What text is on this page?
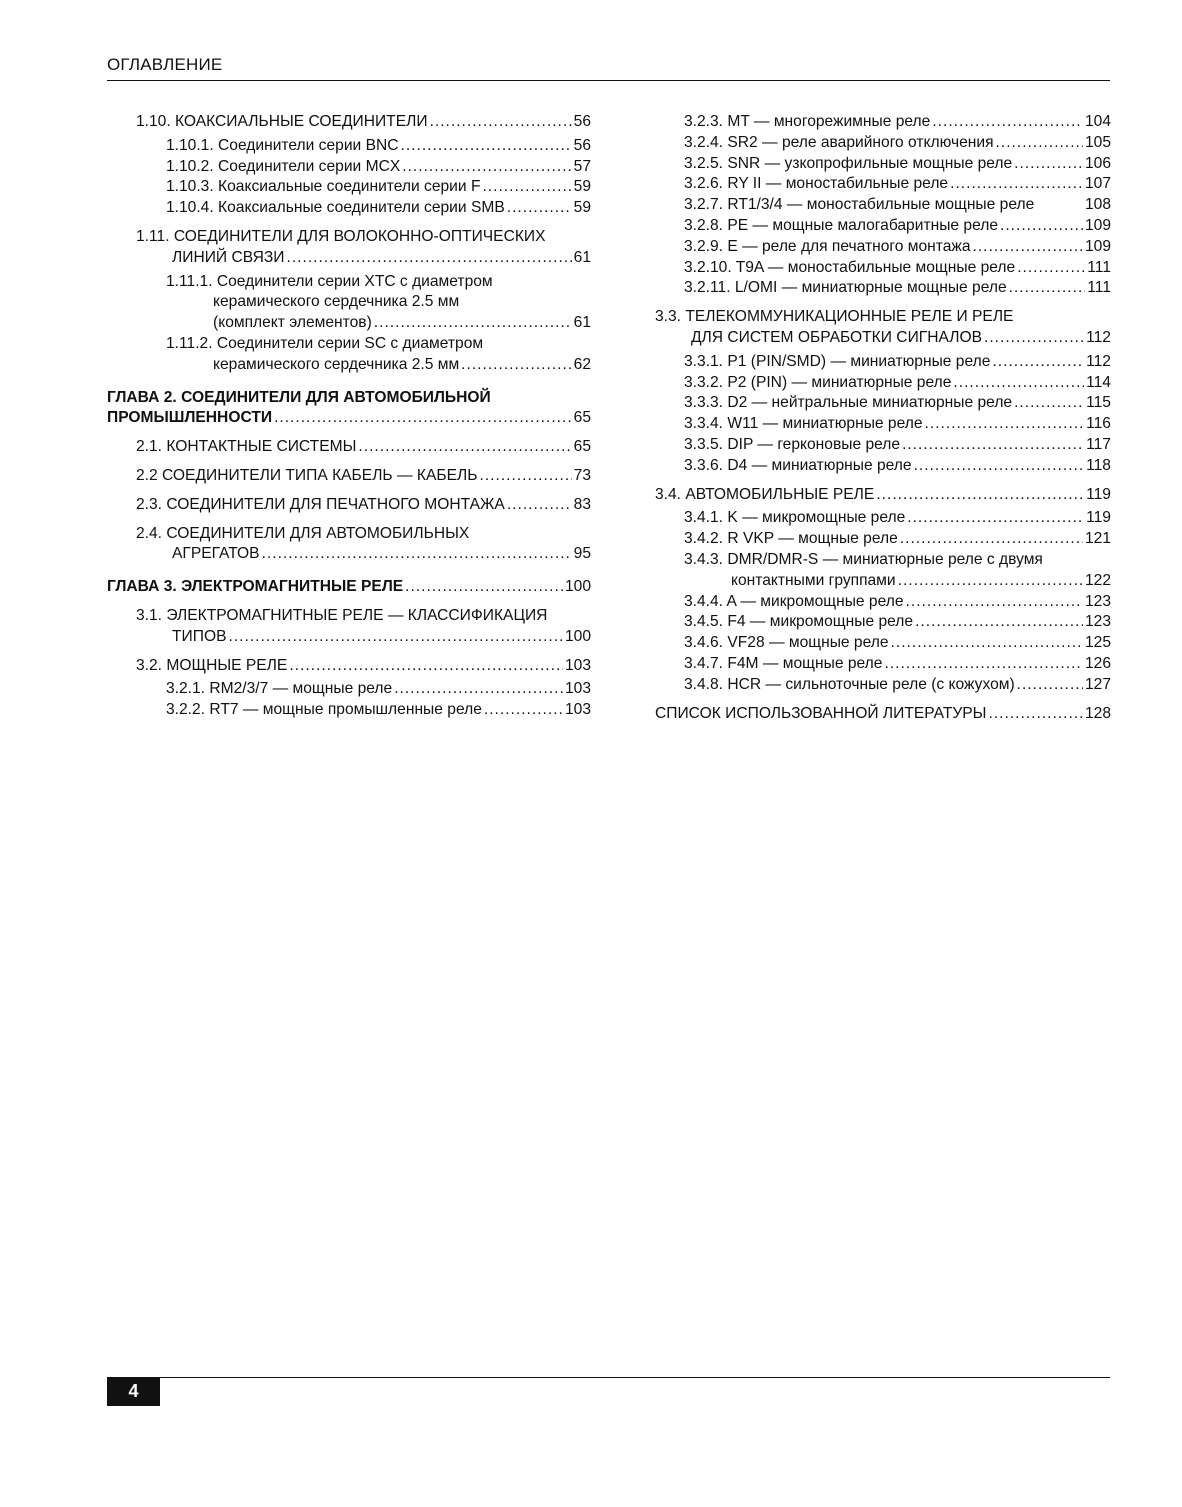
ОГЛАВЛЕНИЕ
1.10. КОАКСИАЛЬНЫЕ СОЕДИНИТЕЛИ .....	56
1.10.1. Соединители серии BNC .....	56
1.10.2. Соединители серии MCX .....	57
1.10.3. Коаксиальные соединители серии F .....	59
1.10.4. Коаксиальные соединители серии SMB .....	59
1.11. СОЕДИНИТЕЛИ ДЛЯ ВОЛОКОННО-ОПТИЧЕСКИХ
ЛИНИЙ СВЯЗИ .....	61
1.11.1. Соединители серии XTC с диаметром
керамического сердечника 2.5 мм
(комплект элементов) .....	61
1.11.2. Соединители серии SC с диаметром
керамического сердечника 2.5 мм .....	62
ГЛАВА 2. СОЕДИНИТЕЛИ ДЛЯ АВТОМОБИЛЬНОЙ
ПРОМЫШЛЕННОСТИ .....	65
2.1. КОНТАКТНЫЕ СИСТЕМЫ .....	65
2.2 СОЕДИНИТЕЛИ ТИПА КАБЕЛЬ — КАБЕЛЬ .....	73
2.3. СОЕДИНИТЕЛИ ДЛЯ ПЕЧАТНОГО МОНТАЖА .....	83
2.4. СОЕДИНИТЕЛИ ДЛЯ АВТОМОБИЛЬНЫХ
АГРЕГАТОВ .....	95
ГЛАВА 3. ЭЛЕКТРОМАГНИТНЫЕ РЕЛЕ .....	100
3.1. ЭЛЕКТРОМАГНИТНЫЕ РЕЛЕ — КЛАССИФИКАЦИЯ
ТИПОВ .....	100
3.2. МОЩНЫЕ РЕЛЕ .....	103
3.2.1. RM2/3/7 — мощные реле .....	103
3.2.2. RT7 — мощные промышленные реле .....	103
3.2.3. MT — многорежимные реле .....	104
3.2.4. SR2 — реле аварийного отключения .....	105
3.2.5. SNR — узкопрофильные мощные реле .....	106
3.2.6. RY II — моностабильные реле .....	107
3.2.7. RT1/3/4 — моностабильные мощные реле	108
3.2.8. PE — мощные малогабаритные реле .....	109
3.2.9. E — реле для печатного монтажа .....	109
3.2.10. T9A — моностабильные мощные реле .....	111
3.2.11. L/OMI — миниатюрные мощные реле .....	111
3.3. ТЕЛЕКОММУНИКАЦИОННЫЕ РЕЛЕ И РЕЛЕ
ДЛЯ СИСТЕМ ОБРАБОТКИ СИГНАЛОВ .....	112
3.3.1. P1 (PIN/SMD) — миниатюрные реле .....	112
3.3.2. P2 (PIN) — миниатюрные реле .....	114
3.3.3. D2 — нейтральные миниатюрные реле .....	115
3.3.4. W11 — миниатюрные реле .....	116
3.3.5. DIP — герконовые реле .....	117
3.3.6. D4 — миниатюрные реле .....	118
3.4. АВТОМОБИЛЬНЫЕ РЕЛЕ .....	119
3.4.1. K — микромощные реле .....	119
3.4.2. R VKP — мощные реле .....	121
3.4.3. DMR/DMR-S — миниатюрные реле с двумя
контактными группами .....	122
3.4.4. A — микромощные реле .....	123
3.4.5. F4 — микромощные реле .....	123
3.4.6. VF28 — мощные реле .....	125
3.4.7. F4M — мощные реле .....	126
3.4.8. HCR — сильноточные реле (с кожухом) .....	127
СПИСОК ИСПОЛЬЗОВАННОЙ ЛИТЕРАТУРЫ .....	128
4
